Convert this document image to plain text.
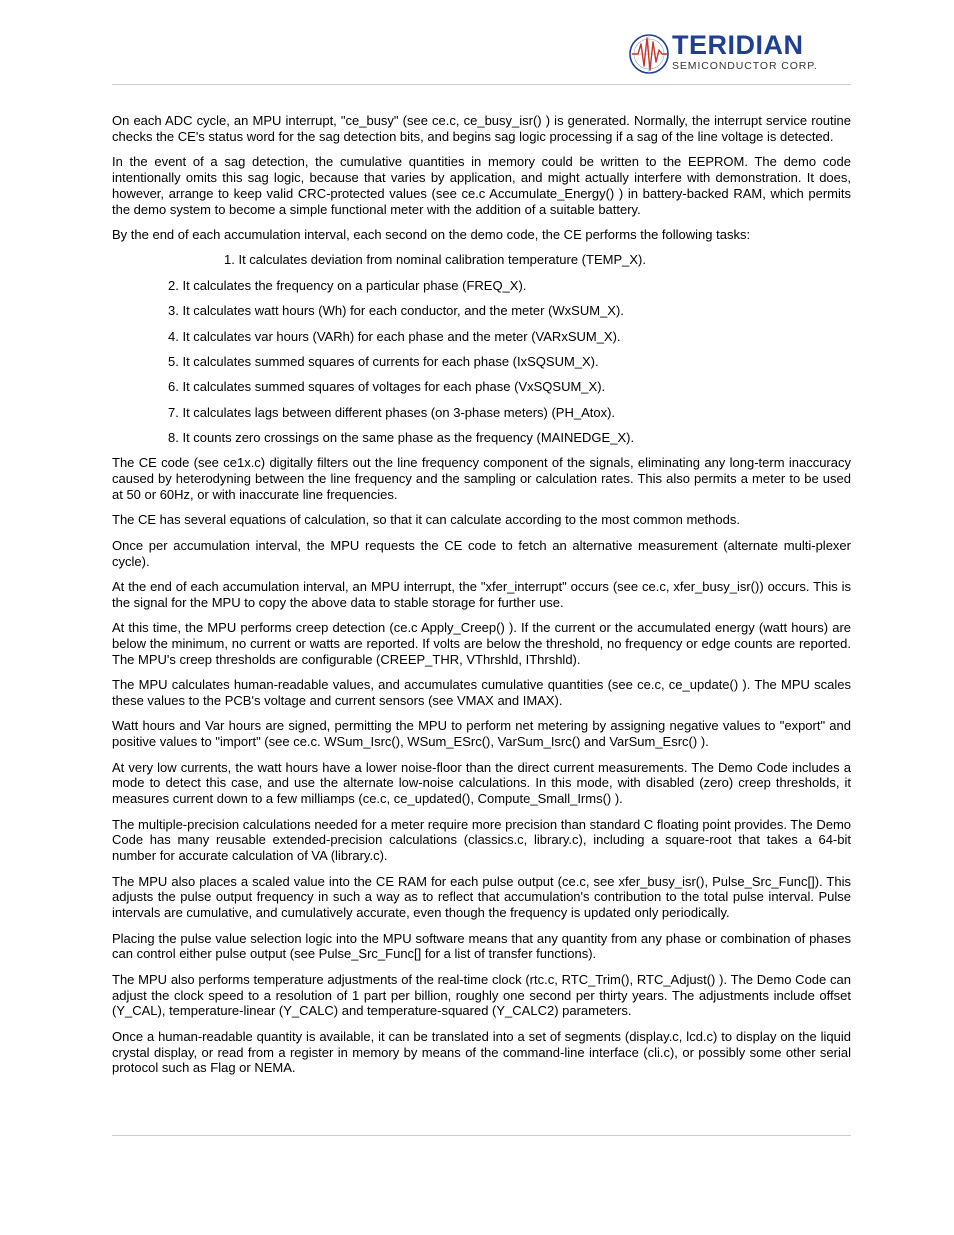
TERIDIAN
SEMICONDUCTOR CORP.

On each ADC cycle, an MPU interrupt, "ce_busy" (see ce.c, ce_busy_isr() ) is generated. Normally, the interrupt service routine checks the CE's status word for the sag detection bits, and begins sag logic processing if a sag of the line voltage is detected.

In the event of a sag detection, the cumulative quantities in memory could be written to the EEPROM. The demo code intentionally omits this sag logic, because that varies by application, and might actually interfere with demonstration. It does, however, arrange to keep valid CRC-protected values (see ce.c Accumulate_Energy() ) in battery-backed RAM, which permits the demo system to become a simple functional meter with the addition of a suitable battery.

By the end of each accumulation interval, each second on the demo code, the CE performs the following tasks:

1. It calculates deviation from nominal calibration temperature (TEMP_X).
2. It calculates the frequency on a particular phase (FREQ_X).
3. It calculates watt hours (Wh) for each conductor, and the meter (WxSUM_X).
4. It calculates var hours (VARh) for each phase and the meter (VARxSUM_X).
5. It calculates summed squares of currents for each phase (IxSQSUM_X).
6. It calculates summed squares of voltages for each phase (VxSQSUM_X).
7. It calculates lags between different phases (on 3-phase meters) (PH_Atox).
8. It counts zero crossings on the same phase as the frequency (MAINEDGE_X).

The CE code (see ce1x.c) digitally filters out the line frequency component of the signals, eliminating any long-term inaccuracy caused by heterodyning between the line frequency and the sampling or calculation rates. This also permits a meter to be used at 50 or 60Hz, or with inaccurate line frequencies.

The CE has several equations of calculation, so that it can calculate according to the most common methods.

Once per accumulation interval, the MPU requests the CE code to fetch an alternative measurement (alternate multi-plexer cycle).

At the end of each accumulation interval, an MPU interrupt, the "xfer_interrupt" occurs (see ce.c, xfer_busy_isr()) occurs. This is the signal for the MPU to copy the above data to stable storage for further use.

At this time, the MPU performs creep detection (ce.c Apply_Creep() ). If the current or the accumulated energy (watt hours) are below the minimum, no current or watts are reported. If volts are below the threshold, no frequency or edge counts are reported. The MPU's creep thresholds are configurable (CREEP_THR, VThrshld, IThrshld).

The MPU calculates human-readable values, and accumulates cumulative quantities (see ce.c, ce_update() ). The MPU scales these values to the PCB's voltage and current sensors (see VMAX and IMAX).

Watt hours and Var hours are signed, permitting the MPU to perform net metering by assigning negative values to "export" and positive values to "import" (see ce.c. WSum_Isrc(), WSum_ESrc(), VarSum_Isrc() and VarSum_Esrc() ).

At very low currents, the watt hours have a lower noise-floor than the direct current measurements. The Demo Code includes a mode to detect this case, and use the alternate low-noise calculations. In this mode, with disabled (zero) creep thresholds, it measures current down to a few milliamps (ce.c, ce_updated(), Compute_Small_Irms() ).

The multiple-precision calculations needed for a meter require more precision than standard C floating point provides. The Demo Code has many reusable extended-precision calculations (classics.c, library.c), including a square-root that takes a 64-bit number for accurate calculation of VA (library.c).

The MPU also places a scaled value into the CE RAM for each pulse output (ce.c, see xfer_busy_isr(), Pulse_Src_Func[]). This adjusts the pulse output frequency in such a way as to reflect that accumulation's contribution to the total pulse interval. Pulse intervals are cumulative, and cumulatively accurate, even though the frequency is updated only periodically.

Placing the pulse value selection logic into the MPU software means that any quantity from any phase or combination of phases can control either pulse output (see Pulse_Src_Func[] for a list of transfer functions).

The MPU also performs temperature adjustments of the real-time clock (rtc.c, RTC_Trim(), RTC_Adjust() ). The Demo Code can adjust the clock speed to a resolution of 1 part per billion, roughly one second per thirty years. The adjustments include offset (Y_CAL), temperature-linear (Y_CALC) and temperature-squared (Y_CALC2) parameters.

Once a human-readable quantity is available, it can be translated into a set of segments (display.c, lcd.c) to display on the liquid crystal display, or read from a register in memory by means of the command-line interface (cli.c), or possibly some other serial protocol such as Flag or NEMA.
